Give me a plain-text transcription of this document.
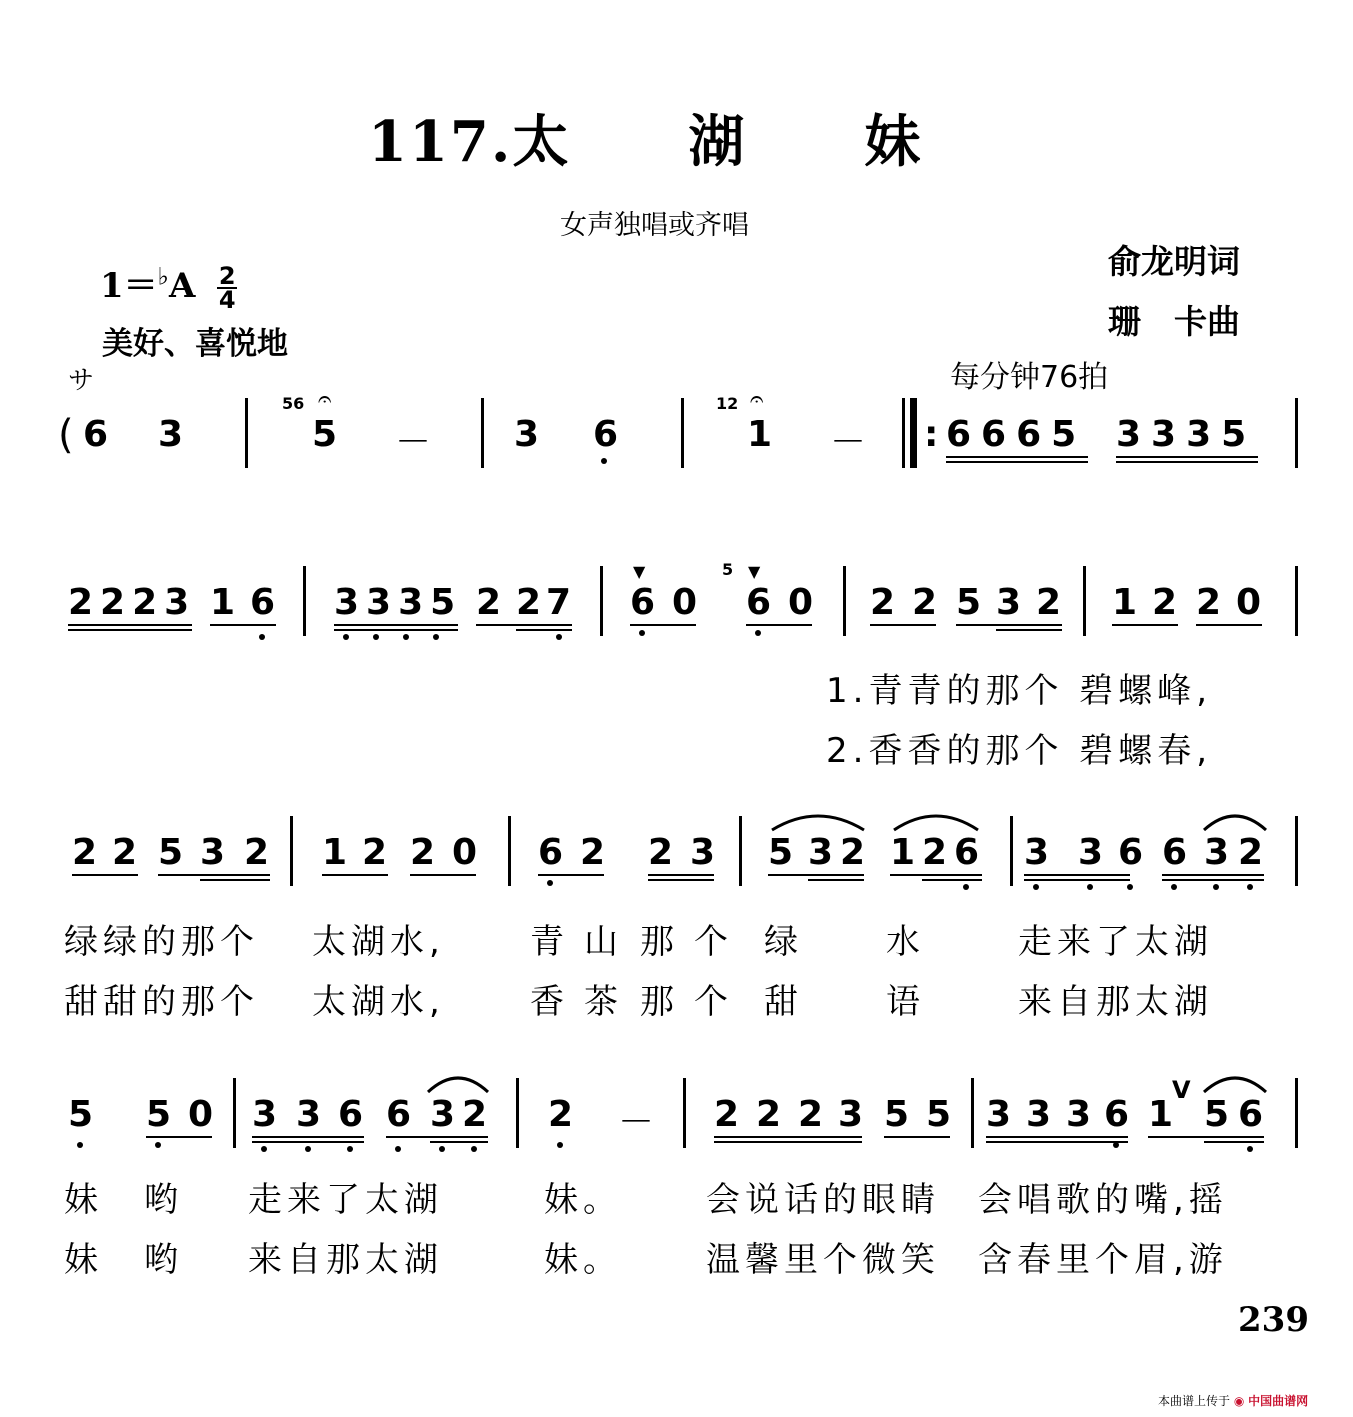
117.太 湖 妹
女声独唱或齐唱
$1=^♭A \frac{2}{4}$
美好、喜悦地
俞龙明词
珊　卡曲
每分钟76拍
サ
( 6 3
56 𝄐
5 － 3 6
12 𝄐
1 － : 6665 3335
2223 1 6 3335 2 2 7
▼
6 0
5 ▼
6 0 2 2 5 3 2 1 2 2 0
1.青青的那个 碧螺峰,
2.香香的那个 碧螺春,
2 2 5 3 2 1 2 2 0 6 2 2 3 5 3 2 1 2 6 3 3 6 6 3 2
绿绿的那个 太湖水,	青山 那个 绿 水	走来了太湖
甜甜的那个 太湖水,	香茶 那个 甜 语	来自那太湖
5 5 0 3 3 6 6 3 2 2 － 2 2 2 3 5 5 3 3 3 6 1
V
5 6
妹 哟 走来了太湖	妹。 会说话的眼睛 会唱歌的嘴,摇
妹 哟 来自那太湖	妹。 温馨里个微笑 含春里个眉,游
239
本曲谱上传于 ◉ 中国曲谱网
